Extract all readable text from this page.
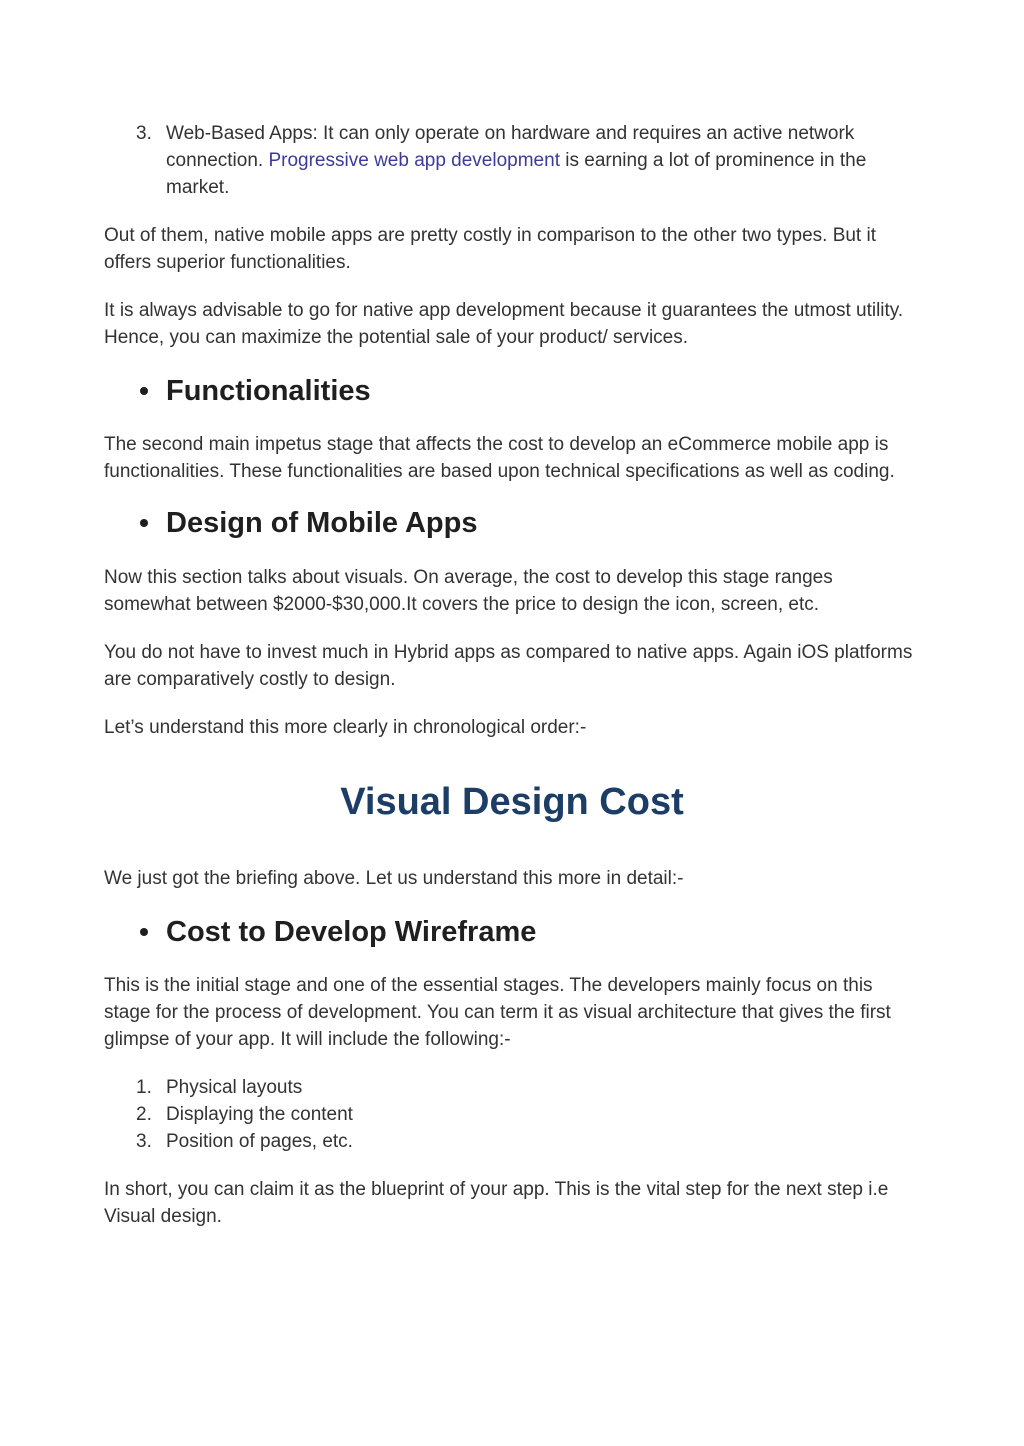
3. Web-Based Apps: It can only operate on hardware and requires an active network connection. Progressive web app development is earning a lot of prominence in the market.

Out of them, native mobile apps are pretty costly in comparison to the other two types. But it offers superior functionalities.

It is always advisable to go for native app development because it guarantees the utmost utility. Hence, you can maximize the potential sale of your product/ services.

Functionalities

The second main impetus stage that affects the cost to develop an eCommerce mobile app is functionalities. These functionalities are based upon technical specifications as well as coding.

Design of Mobile Apps

Now this section talks about visuals. On average, the cost to develop this stage ranges somewhat between $2000-$30,000.It covers the price to design the icon, screen, etc.

You do not have to invest much in Hybrid apps as compared to native apps. Again iOS platforms are comparatively costly to design.

Let’s understand this more clearly in chronological order:-

Visual Design Cost

We just got the briefing above. Let us understand this more in detail:-

Cost to Develop Wireframe

This is the initial stage and one of the essential stages. The developers mainly focus on this stage for the process of development. You can term it as visual architecture that gives the first glimpse of your app. It will include the following:-

1. Physical layouts
2. Displaying the content
3. Position of pages, etc.

In short, you can claim it as the blueprint of your app. This is the vital step for the next step i.e Visual design.
